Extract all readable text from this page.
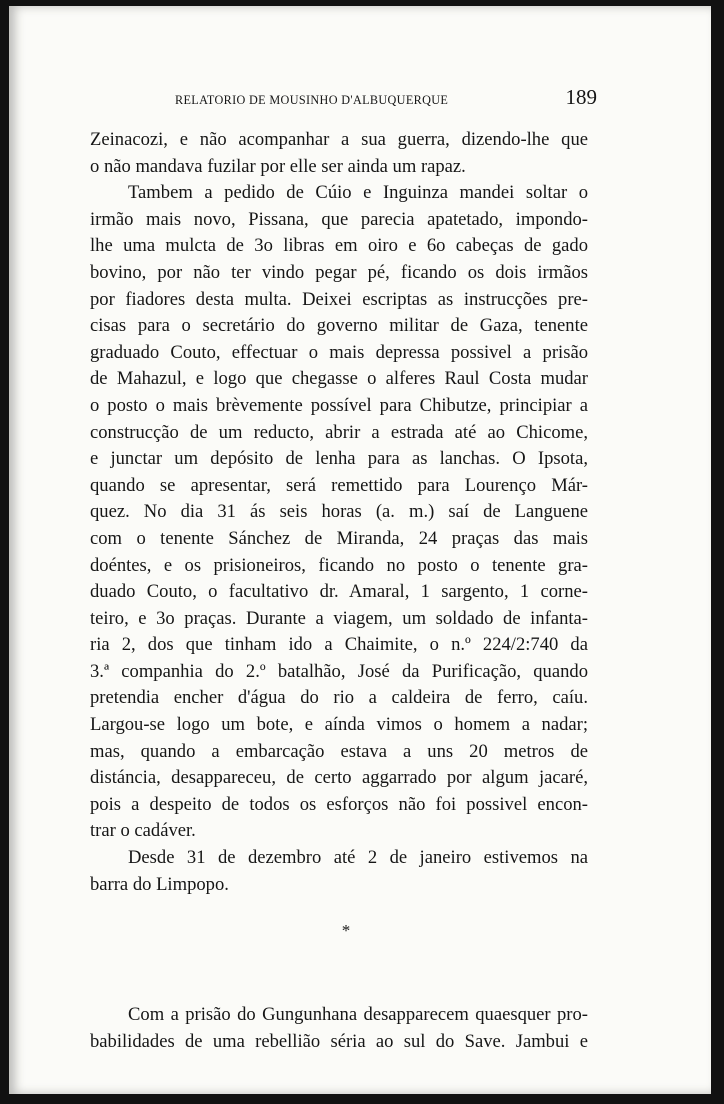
RELATORIO DE MOUSINHO D'ALBUQUERQUE	189
Zeinacozi, e não acompanhar a sua guerra, dizendo-lhe que
o não mandava fuzilar por elle ser ainda um rapaz.
Tambem a pedido de Cúio e Inguinza mandei soltar o
irmão mais novo, Pissana, que parecia apatetado, impondo-
lhe uma mulcta de 3o libras em oiro e 6o cabeças de gado
bovino, por não ter vindo pegar pé, ficando os dois irmãos
por fiadores desta multa. Deixei escriptas as instrucções pre-
cisas para o secretário do governo militar de Gaza, tenente
graduado Couto, effectuar o mais depressa possivel a prisão
de Mahazul, e logo que chegasse o alferes Raul Costa mudar
o posto o mais brèvemente possível para Chibutze, principiar a
construcção de um reducto, abrir a estrada até ao Chicome,
e junctar um depósito de lenha para as lanchas. O Ipsota,
quando se apresentar, será remettido para Lourenço Már-
quez. No dia 31 ás seis horas (a. m.) saí de Languene
com o tenente Sánchez de Miranda, 24 praças das mais
doéntes, e os prisioneiros, ficando no posto o tenente gra-
duado Couto, o facultativo dr. Amaral, 1 sargento, 1 corne-
teiro, e 3o praças. Durante a viagem, um soldado de infanta-
ria 2, dos que tinham ido a Chaimite, o n.º 224/2:740 da
3.ª companhia do 2.º batalhão, José da Purificação, quando
pretendia encher d'água do rio a caldeira de ferro, caíu.
Largou-se logo um bote, e aínda vimos o homem a nadar;
mas, quando a embarcação estava a uns 20 metros de
distáncia, desappareceu, de certo aggarrado por algum jacaré,
pois a despeito de todos os esforços não foi possivel encon-
trar o cadáver.
Desde 31 de dezembro até 2 de janeiro estivemos na
barra do Limpopo.
*
Com a prisão do Gungunhana desapparecem quaesquer pro-
babilidades de uma rebellião séria ao sul do Save. Jambui e
